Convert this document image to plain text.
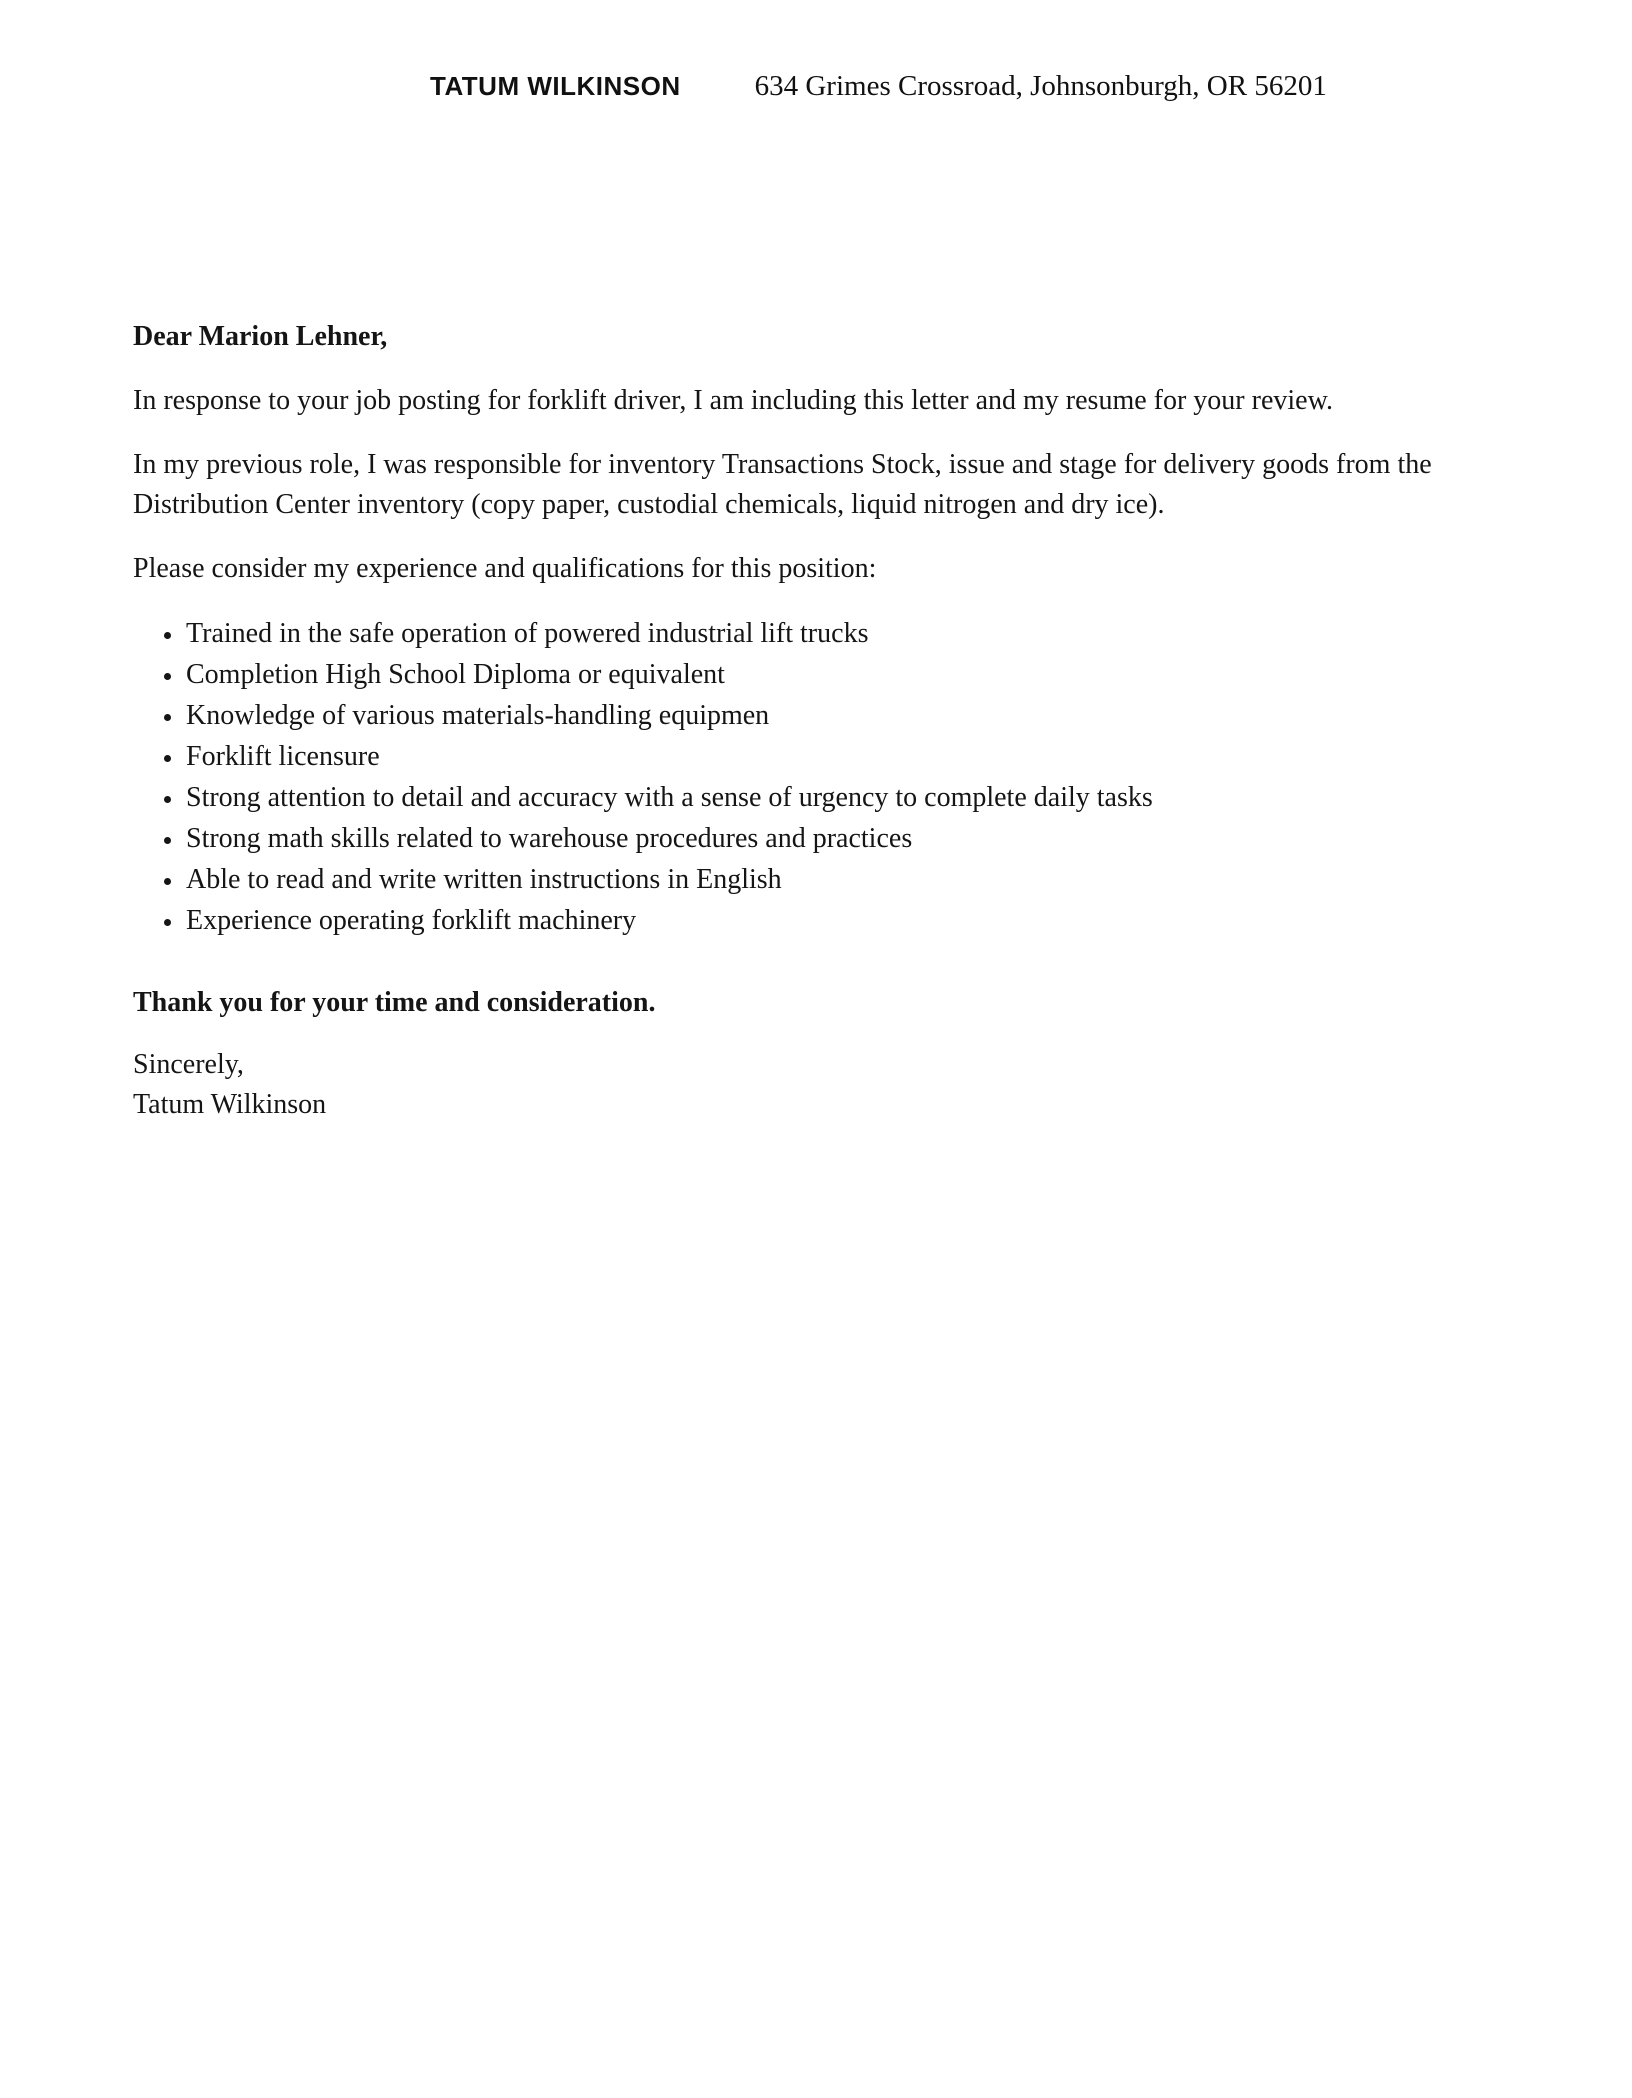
TATUM WILKINSON	634 Grimes Crossroad, Johnsonburgh, OR 56201

Dear Marion Lehner,

In response to your job posting for forklift driver, I am including this letter and my resume for your review.

In my previous role, I was responsible for inventory Transactions Stock, issue and stage for delivery goods from the Distribution Center inventory (copy paper, custodial chemicals, liquid nitrogen and dry ice).

Please consider my experience and qualifications for this position:

• Trained in the safe operation of powered industrial lift trucks
• Completion High School Diploma or equivalent
• Knowledge of various materials-handling equipmen
• Forklift licensure
• Strong attention to detail and accuracy with a sense of urgency to complete daily tasks
• Strong math skills related to warehouse procedures and practices
• Able to read and write written instructions in English
• Experience operating forklift machinery

Thank you for your time and consideration.

Sincerely,
Tatum Wilkinson
